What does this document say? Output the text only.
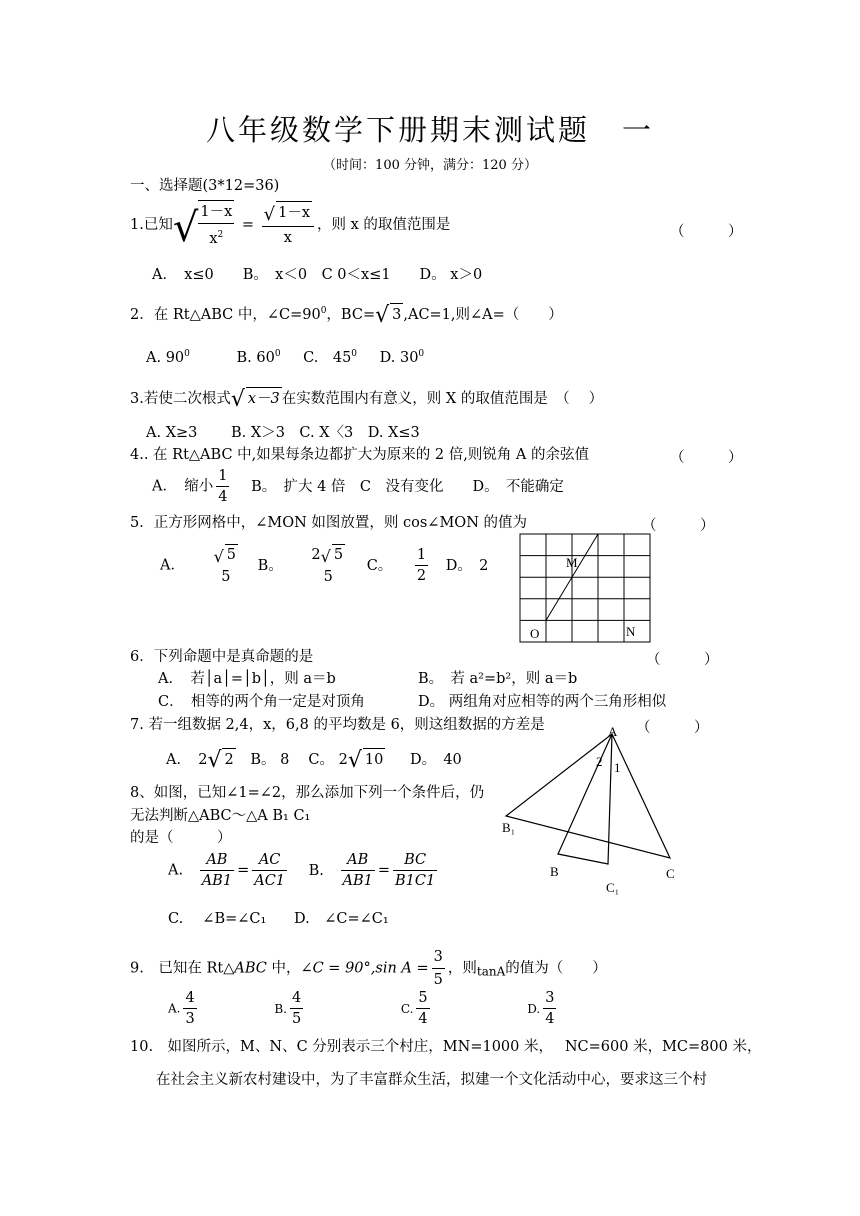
八年级数学下册期末测试题　一
（时间：100 分钟，满分：120 分）
一、选择题(3*12=36)
1.已知√ $\frac{1-x}{x^2} = \frac{√ 1-x}{x}$ ，则 x 的取值范围是	（　　　）
A．　x≤0　　B。　x＜0　C 0＜x≤1　　D。 x＞0
2．在 Rt△ABC 中，$\angle C=90^0$，BC=√ 3 ,AC=1,则∠A=（　　）
A. $90^0$	B. $60^0$ C.　$45^0$ D. $30^0$
3.若使二次根式√ x－3 在实数范围内有意义，则 X 的取值范围是　（　 ）
A. X≥3　　 B. X＞3　C. X〈3　D. X≤3
4.. 在 Rt△ABC 中,如果每条边都扩大为原来的 2 倍,则锐角 A 的余弦值	（　　　）
A．　缩小 $\frac{1}{4}$ B。　扩大 4 倍　C　没有变化　　D。　不能确定
5．正方形网格中，∠MON 如图放置，则 cos∠MON 的值为	（　　　）
A． √ 5
5
B。
2√ 5
5
C。 $\frac{1}{2}$ D。　2	M
O	N
6．下列命题中是真命题的是	（　　　）
A．　若│a│=│b│，则 a＝b	B。　若 a²=b²，则 a＝b
C．　相等的两个角一定是对顶角	D。 两组角对应相等的两个三角形相似
7. 若一组数据 2,4，x，6,8 的平均数是 6，则这组数据的方差是	（　　　）
A．　2√ 2 B。 8　 C。 2√ 10 D。　40
8、如图，已知∠1=∠2，那么添加下列一个条件后，仍
无法判断△ABC～△A B₁ C₁
的是（　　　）
A. $\frac{AB}{AB1} = \frac{AC}{AC1} B$. $\frac{AB}{AB1} = \frac{BC}{B1C1}$
C.　 ∠B=∠C₁ D.　∠C=∠C₁
A
2 1
B₁
B	C
C₁
9.　已知在 Rt△ABC 中，∠C = 90°,sin $A = \frac{3}{5}$ ，则$_{tanA}$的值为（　　）
A. $\frac{4}{3}$	B. $\frac{4}{5}$	C. $\frac{5}{4}$	D. $\frac{3}{4}$
10.　如图所示，M、N、C 分别表示三个村庄，MN=1000 米，　 NC=600 米，MC=800 米，
在社会主义新农村建设中，为了丰富群众生活，拟建一个文化活动中心，要求这三个村
